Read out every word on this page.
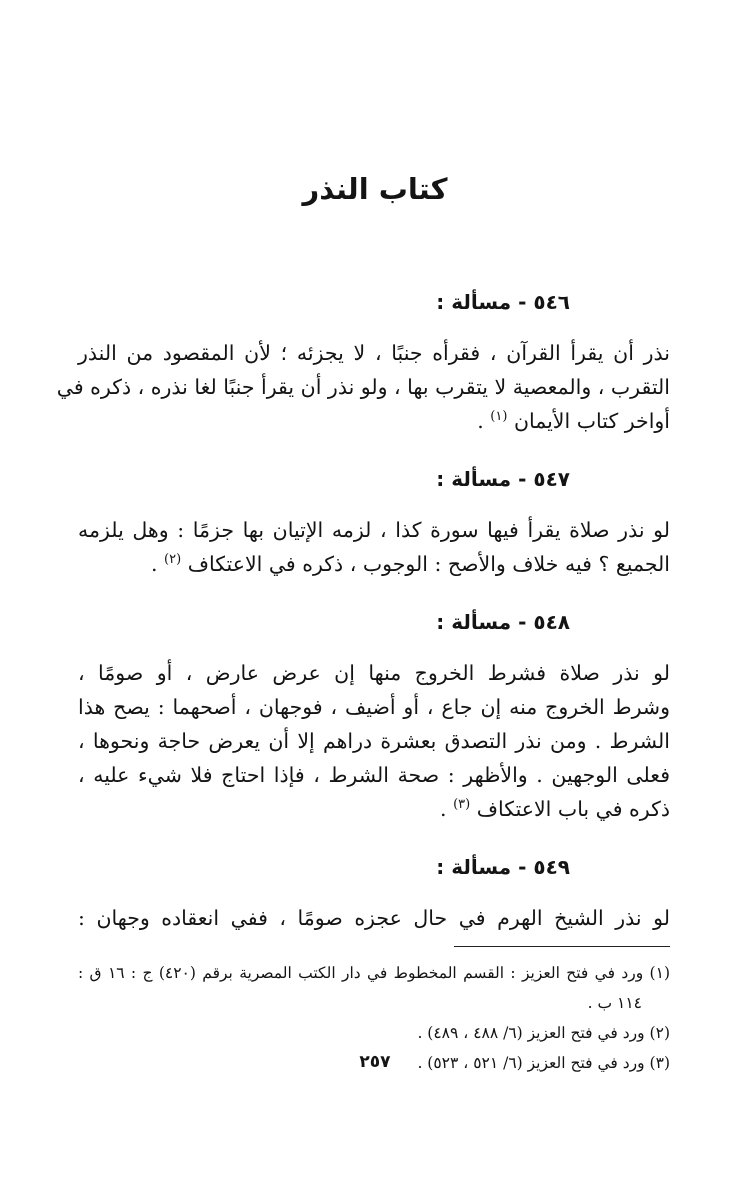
كتاب النذر
٥٤٦ - مسألة :
نذر أن يقرأ القرآن ، فقرأه جنبًا ، لا يجزئه ؛ لأن المقصود من النذر
التقرب ، والمعصية لا يتقرب بها ، ولو نذر أن يقرأ جنبًا لغا نذره ، ذكره في
أواخر كتاب الأيمان $^{(١)}$ .
٥٤٧ - مسألة :
لو نذر صلاة يقرأ فيها سورة كذا ، لزمه الإتيان بها جزمًا : وهل يلزمه
الجميع ؟ فيه خلاف والأصح : الوجوب ، ذكره في الاعتكاف $^{(٢)}$ .
٥٤٨ - مسألة :
لو نذر صلاة فشرط الخروج منها إن عرض عارض ، أو صومًا ،
وشرط الخروج منه إن جاع ، أو أضيف ، فوجهان ، أصحهما : يصح هذا
الشرط . ومن نذر التصدق بعشرة دراهم إلا أن يعرض حاجة ونحوها ،
فعلى الوجهين . والأظهر : صحة الشرط ، فإذا احتاج فلا شيء عليه ،
ذكره في باب الاعتكاف $^{(٣)}$ .
٥٤٩ - مسألة :
لو نذر الشيخ الهرم في حال عجزه صومًا ، ففي انعقاده وجهان :
(١) ورد في فتح العزيز : القسم المخطوط في دار الكتب المصرية برقم (٤٢٠) ج : ١٦ ق :
١١٤ ب .
(٢) ورد في فتح العزيز (٦/ ٤٨٨ ، ٤٨٩) .
(٣) ورد في فتح العزيز (٦/ ٥٢١ ، ٥٢٣) .
٢٥٧
